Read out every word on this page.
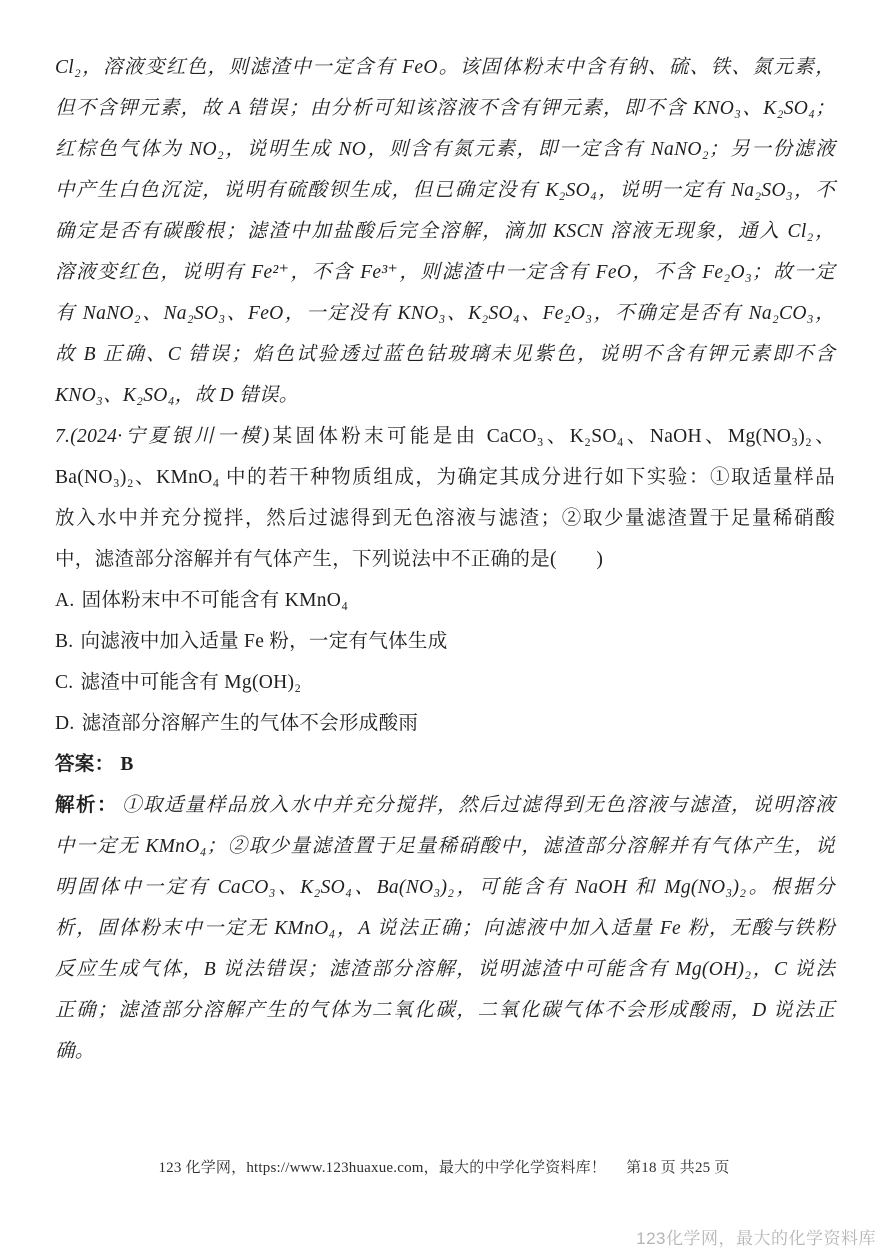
Cl₂，溶液变红色，则滤渣中一定含有 FeO。该固体粉末中含有钠、硫、铁、氮元素，
但不含钾元素，故 A 错误；由分析可知该溶液不含有钾元素，即不含 KNO₃、K₂SO₄；
红棕色气体为 NO₂，说明生成 NO，则含有氮元素，即一定含有 NaNO₂；另一份滤液
中产生白色沉淀，说明有硫酸钡生成，但已确定没有 K₂SO₄，说明一定有 Na₂SO₃，不
确定是否有碳酸根；滤渣中加盐酸后完全溶解，滴加 KSCN 溶液无现象，通入 Cl₂，
溶液变红色，说明有 Fe²⁺，不含 Fe³⁺，则滤渣中一定含有 FeO，不含 Fe₂O₃；故一定
有 NaNO₂、Na₂SO₃、FeO，一定没有 KNO₃、K₂SO₄、Fe₂O₃，不确定是否有 Na₂CO₃，
故 B 正确、C 错误；焰色试验透过蓝色钴玻璃未见紫色，说明不含有钾元素即不含
KNO₃、K₂SO₄，故 D 错误。
7.(2024·宁夏银川一模)某固体粉末可能是由 CaCO₃、K₂SO₄、NaOH、Mg(NO₃)₂、
Ba(NO₃)₂、KMnO₄ 中的若干种物质组成，为确定其成分进行如下实验：①取适量样品
放入水中并充分搅拌，然后过滤得到无色溶液与滤渣；②取少量滤渣置于足量稀硝酸
中，滤渣部分溶解并有气体产生，下列说法中不正确的是(　　)
A. 固体粉末中不可能含有 KMnO₄
B. 向滤液中加入适量 Fe 粉，一定有气体生成
C. 滤渣中可能含有 Mg(OH)₂
D. 滤渣部分溶解产生的气体不会形成酸雨
答案： B
解析： ①取适量样品放入水中并充分搅拌，然后过滤得到无色溶液与滤渣，说明溶液
中一定无 KMnO₄；②取少量滤渣置于足量稀硝酸中，滤渣部分溶解并有气体产生，说
明固体中一定有 CaCO₃、K₂SO₄、Ba(NO₃)₂，可能含有 NaOH 和 Mg(NO₃)₂。根据分
析，固体粉末中一定无 KMnO₄，A 说法正确；向滤液中加入适量 Fe 粉，无酸与铁粉
反应生成气体，B 说法错误；滤渣部分溶解，说明滤渣中可能含有 Mg(OH)₂，C 说法
正确；滤渣部分溶解产生的气体为二氧化碳，二氧化碳气体不会形成酸雨，D 说法正
确。
123 化学网，https://www.123huaxue.com，最大的中学化学资料库！ 第18 页 共25 页
123化学网，最大的化学资料库
